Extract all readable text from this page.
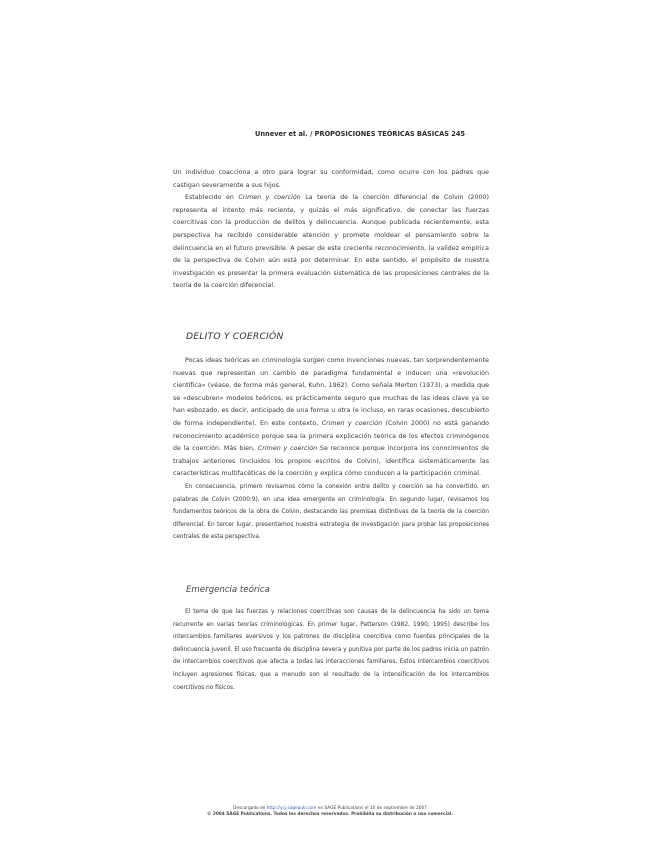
Unnever et al. / PROPOSICIONES TEÓRICAS BÁSICAS 245

Un individuo coacciona a otro para lograr su conformidad, como ocurre con los padres que castigan severamente a sus hijos.

Establecido en Crimen y coerción La teoría de la coerción diferencial de Colvin (2000) representa el intento más reciente, y quizás el más significativo, de conectar las fuerzas coercitivas con la producción de delitos y delincuencia. Aunque publicada recientemente, esta perspectiva ha recibido considerable atención y promete moldear el pensamiento sobre la delincuencia en el futuro previsible. A pesar de este creciente reconocimiento, la validez empírica de la perspectiva de Colvin aún está por determinar. En este sentido, el propósito de nuestra investigación es presentar la primera evaluación sistemática de las proposiciones centrales de la teoría de la coerción diferencial.

DELITO Y COERCIÓN

Pocas ideas teóricas en criminología surgen como invenciones nuevas, tan sorprendentemente nuevas que representan un cambio de paradigma fundamental e inducen una «revolución científica» (véase, de forma más general, Kuhn, 1962). Como señala Merton (1973), a medida que se «descubren» modelos teóricos, es prácticamente seguro que muchas de las ideas clave ya se han esbozado, es decir, anticipado de una forma u otra (e incluso, en raras ocasiones, descubierto de forma independiente). En este contexto, Crimen y coerción (Colvin 2000) no está ganando reconocimiento académico porque sea la primera explicación teórica de los efectos criminógenos de la coerción. Más bien, Crimen y coerción Se reconoce porque incorpora los conocimientos de trabajos anteriores (incluidos los propios escritos de Colvin), identifica sistemáticamente las características multifacéticas de la coerción y explica cómo conducen a la participación criminal.

En consecuencia, primero revisamos cómo la conexión entre delito y coerción se ha convertido, en palabras de Colvin (2000:9), en una idea emergente en criminología. En segundo lugar, revisamos los fundamentos teóricos de la obra de Colvin, destacando las premisas distintivas de la teoría de la coerción diferencial. En tercer lugar, presentamos nuestra estrategia de investigación para probar las proposiciones centrales de esta perspectiva.

Emergencia teórica

El tema de que las fuerzas y relaciones coercitivas son causas de la delincuencia ha sido un tema recurrente en varias teorías criminológicas. En primer lugar, Patterson (1982, 1990, 1995) describe los intercambios familiares aversivos y los patrones de disciplina coercitiva como fuentes principales de la delincuencia juvenil. El uso frecuente de disciplina severa y punitiva por parte de los padres inicia un patrón de intercambios coercitivos que afecta a todas las interacciones familiares. Estos intercambios coercitivos incluyen agresiones físicas, que a menudo son el resultado de la intensificación de los intercambios coercitivos no físicos.

Descargado de http://ycj.sagepub.com en SAGE Publications el 10 de septiembre de 2007
© 2004 SAGE Publications. Todos los derechos reservados. Prohibida su distribución o uso comercial.
